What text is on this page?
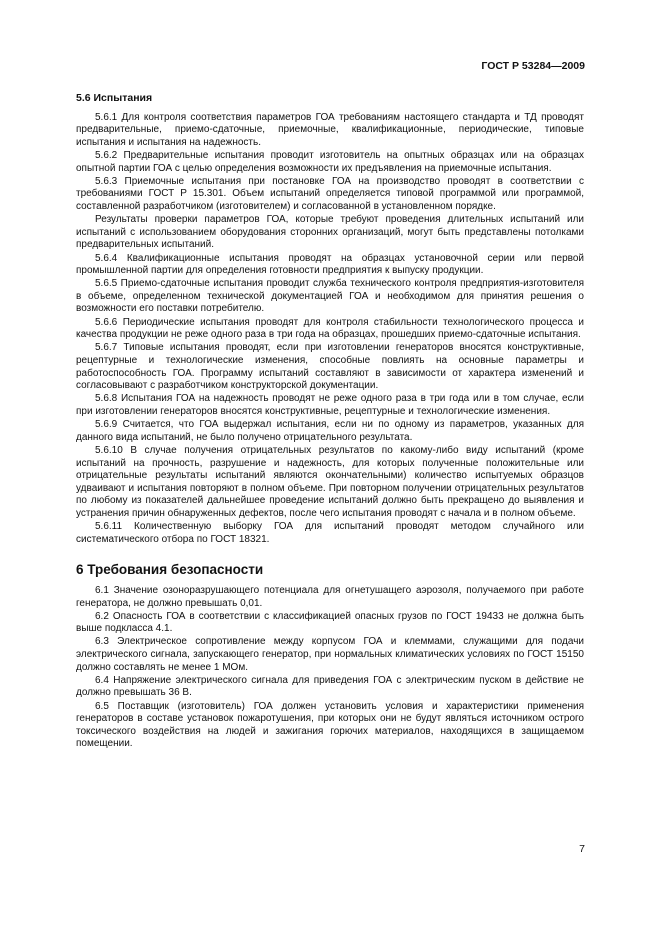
ГОСТ Р 53284—2009
5.6 Испытания

5.6.1 Для контроля соответствия параметров ГОА требованиям настоящего стандарта и ТД проводят предварительные, приемо-сдаточные, приемочные, квалификационные, периодические, типовые испытания и испытания на надежность.

5.6.2 Предварительные испытания проводит изготовитель на опытных образцах или на образцах опытной партии ГОА с целью определения возможности их предъявления на приемочные испытания.

5.6.3 Приемочные испытания при постановке ГОА на производство проводят в соответствии с требованиями ГОСТ Р 15.301. Объем испытаний определяется типовой программой или программой, составленной разработчиком (изготовителем) и согласованной в установленном порядке.

Результаты проверки параметров ГОА, которые требуют проведения длительных испытаний или испытаний с использованием оборудования сторонних организаций, могут быть представлены потолками предварительных испытаний.

5.6.4 Квалификационные испытания проводят на образцах установочной серии или первой промышленной партии для определения готовности предприятия к выпуску продукции.

5.6.5 Приемо-сдаточные испытания проводит служба технического контроля предприятия-изготовителя в объеме, определенном технической документацией ГОА и необходимом для принятия решения о возможности его поставки потребителю.

5.6.6 Периодические испытания проводят для контроля стабильности технологического процесса и качества продукции не реже одного раза в три года на образцах, прошедших приемо-сдаточные испытания.

5.6.7 Типовые испытания проводят, если при изготовлении генераторов вносятся конструктивные, рецептурные и технологические изменения, способные повлиять на основные параметры и работоспособность ГОА. Программу испытаний составляют в зависимости от характера изменений и согласовывают с разработчиком конструкторской документации.

5.6.8 Испытания ГОА на надежность проводят не реже одного раза в три года или в том случае, если при изготовлении генераторов вносятся конструктивные, рецептурные и технологические изменения.

5.6.9 Считается, что ГОА выдержал испытания, если ни по одному из параметров, указанных для данного вида испытаний, не было получено отрицательного результата.

5.6.10 В случае получения отрицательных результатов по какому-либо виду испытаний (кроме испытаний на прочность, разрушение и надежность, для которых полученные положительные или отрицательные результаты испытаний являются окончательными) количество испытуемых образцов удваивают и испытания повторяют в полном объеме. При повторном получении отрицательных результатов по любому из показателей дальнейшее проведение испытаний должно быть прекращено до выявления и устранения причин обнаруженных дефектов, после чего испытания проводят с начала и в полном объеме.

5.6.11 Количественную выборку ГОА для испытаний проводят методом случайного или систематического отбора по ГОСТ 18321.

6 Требования безопасности

6.1 Значение озоноразрушающего потенциала для огнетушащего аэрозоля, получаемого при работе генератора, не должно превышать 0,01.

6.2 Опасность ГОА в соответствии с классификацией опасных грузов по ГОСТ 19433 не должна быть выше подкласса 4.1.

6.3 Электрическое сопротивление между корпусом ГОА и клеммами, служащими для подачи электрического сигнала, запускающего генератор, при нормальных климатических условиях по ГОСТ 15150 должно составлять не менее 1 МОм.

6.4 Напряжение электрического сигнала для приведения ГОА с электрическим пуском в действие не должно превышать 36 В.

6.5 Поставщик (изготовитель) ГОА должен установить условия и характеристики применения генераторов в составе установок пожаротушения, при которых они не будут являться источником острого токсического воздействия на людей и зажигания горючих материалов, находящихся в защищаемом помещении.

7
